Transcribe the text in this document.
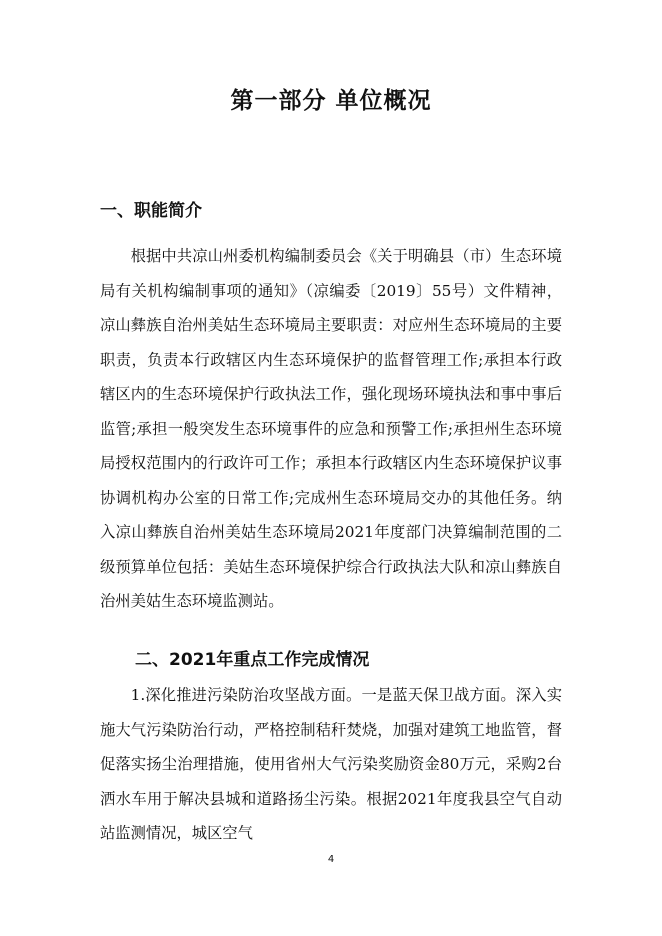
第一部分 单位概况
一、职能简介

根据中共凉山州委机构编制委员会《关于明确县（市）生态环境局有关机构编制事项的通知》（凉编委〔2019〕55号）文件精神，凉山彝族自治州美姑生态环境局主要职责：对应州生态环境局的主要职责，负责本行政辖区内生态环境保护的监督管理工作;承担本行政辖区内的生态环境保护行政执法工作，强化现场环境执法和事中事后监管;承担一般突发生态环境事件的应急和预警工作;承担州生态环境局授权范围内的行政许可工作；承担本行政辖区内生态环境保护议事协调机构办公室的日常工作;完成州生态环境局交办的其他任务。纳入凉山彝族自治州美姑生态环境局2021年度部门决算编制范围的二级预算单位包括：美姑生态环境保护综合行政执法大队和凉山彝族自治州美姑生态环境监测站。

二、2021年重点工作完成情况

1.深化推进污染防治攻坚战方面。一是蓝天保卫战方面。深入实施大气污染防治行动，严格控制秸秆焚烧，加强对建筑工地监管，督促落实扬尘治理措施，使用省州大气污染奖励资金80万元，采购2台洒水车用于解决县城和道路扬尘污染。根据2021年度我县空气自动站监测情况，城区空气

4
